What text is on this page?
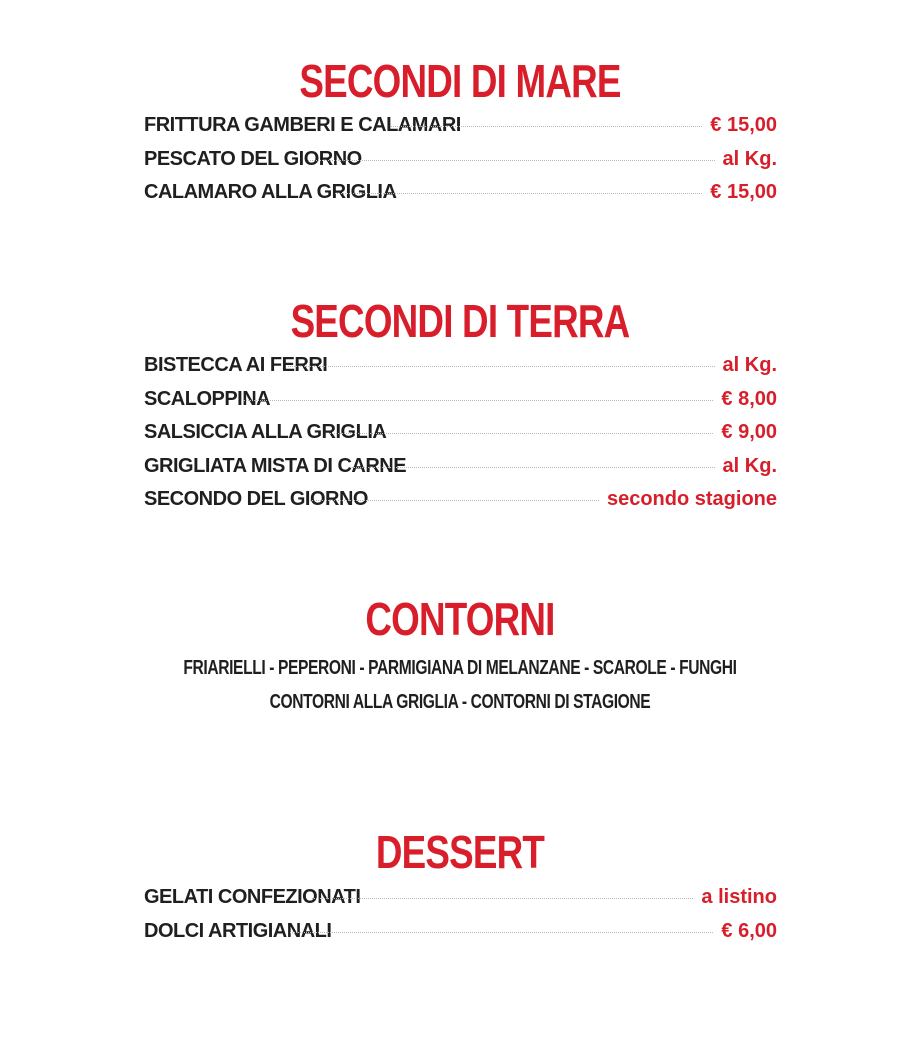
SECONDI DI MARE
FRITTURA GAMBERI E CALAMARI	€ 15,00
PESCATO DEL GIORNO	al Kg.
CALAMARO ALLA GRIGLIA	€ 15,00
SECONDI DI TERRA
BISTECCA AI FERRI	al Kg.
SCALOPPINA	€ 8,00
SALSICCIA ALLA GRIGLIA	€ 9,00
GRIGLIATA MISTA DI CARNE	al Kg.
SECONDO DEL GIORNO	secondo stagione
CONTORNI

FRIARIELLI - PEPERONI - PARMIGIANA DI MELANZANE - SCAROLE - FUNGHI

CONTORNI ALLA GRIGLIA - CONTORNI DI STAGIONE

DESSERT
GELATI CONFEZIONATI	a listino
DOLCI ARTIGIANALI	€ 6,00
